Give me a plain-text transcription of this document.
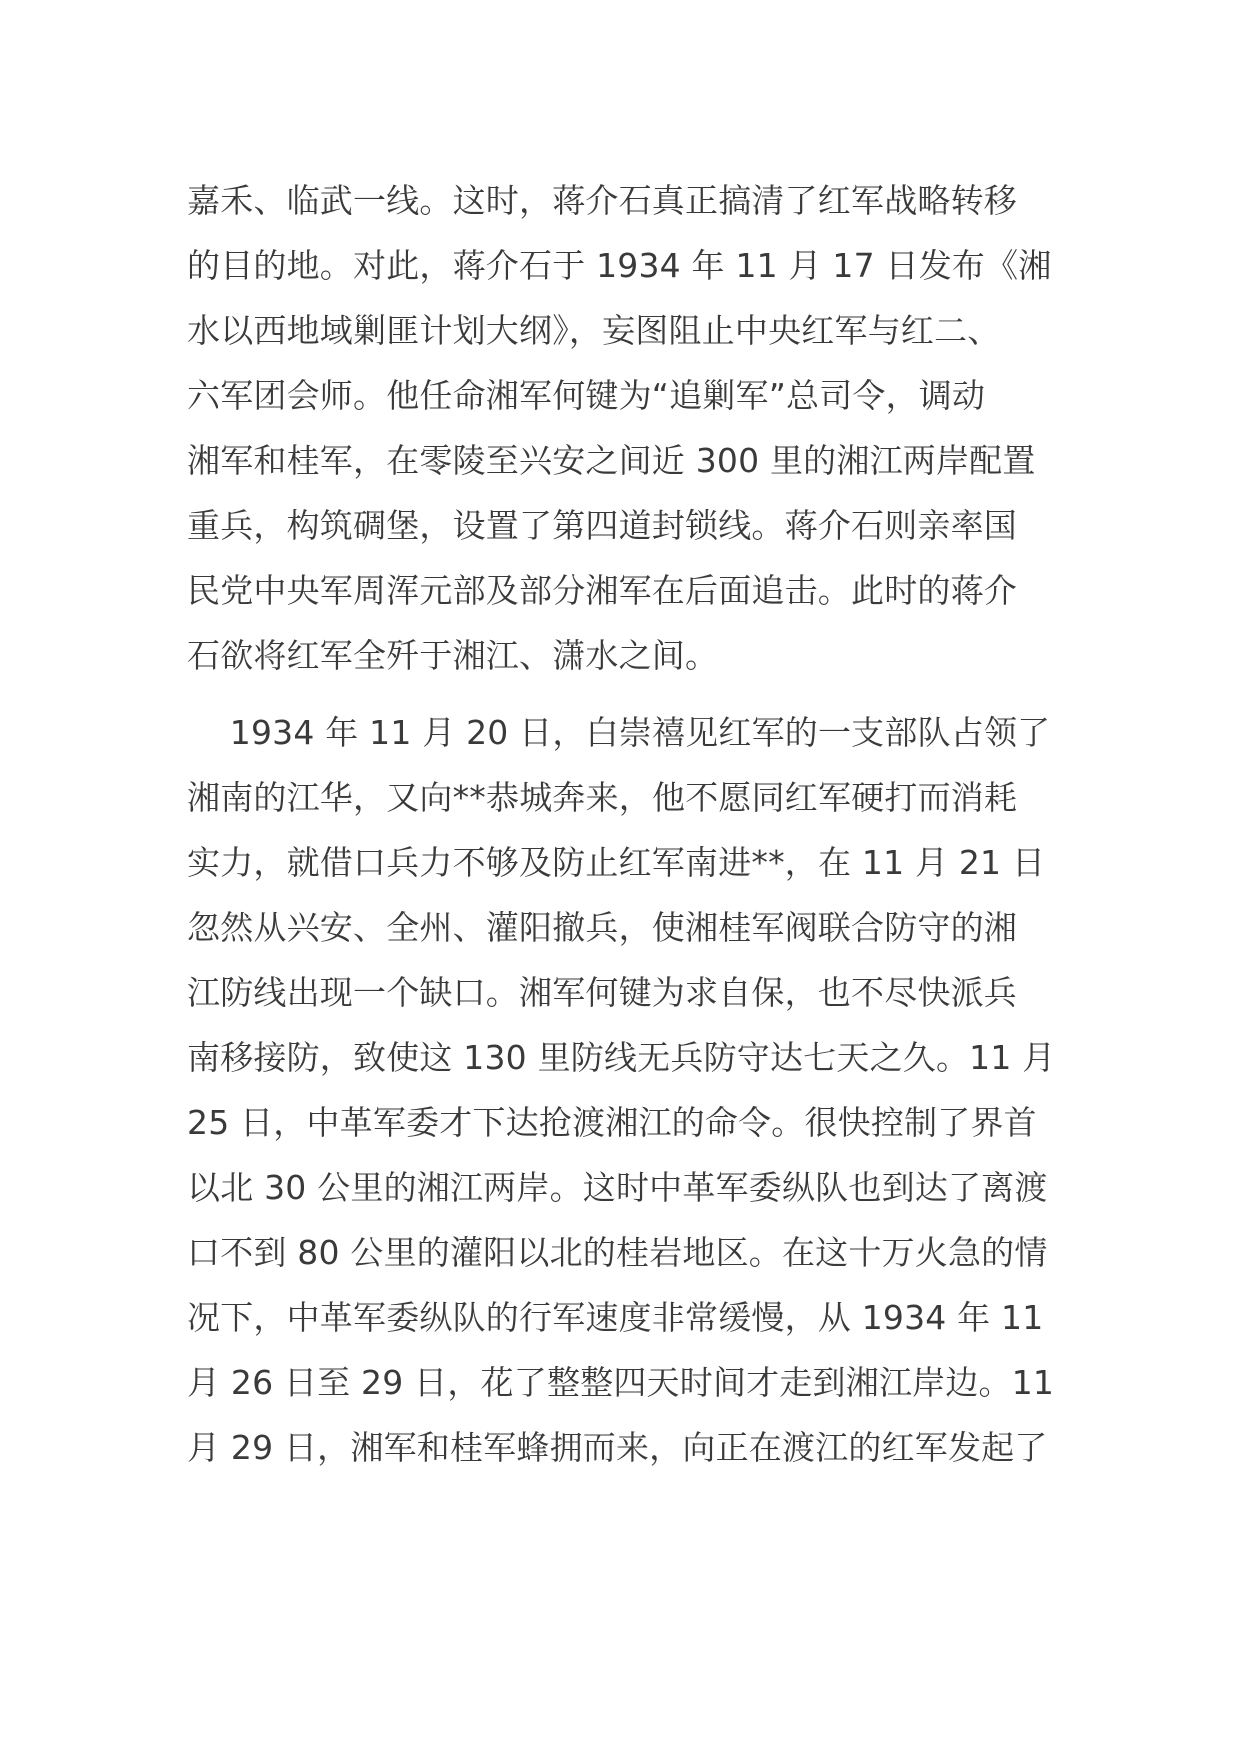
嘉禾、临武一线。这时，蒋介石真正搞清了红军战略转移
的目的地。对此，蒋介石于 1934 年 11 月 17 日发布《湘
水以西地域剿匪计划大纲》，妄图阻止中央红军与红二、
六军团会师。他任命湘军何键为“追剿军”总司令，调动
湘军和桂军，在零陵至兴安之间近 300 里的湘江两岸配置
重兵，构筑碉堡，设置了第四道封锁线。蒋介石则亲率国
民党中央军周浑元部及部分湘军在后面追击。此时的蒋介
石欲将红军全歼于湘江、潇水之间。
1934 年 11 月 20 日，白崇禧见红军的一支部队占领了
湘南的江华，又向**恭城奔来，他不愿同红军硬打而消耗
实力，就借口兵力不够及防止红军南进**，在 11 月 21 日
忽然从兴安、全州、灌阳撤兵，使湘桂军阀联合防守的湘
江防线出现一个缺口。湘军何键为求自保，也不尽快派兵
南移接防，致使这 130 里防线无兵防守达七天之久。11 月
25 日，中革军委才下达抢渡湘江的命令。很快控制了界首
以北 30 公里的湘江两岸。这时中革军委纵队也到达了离渡
口不到 80 公里的灌阳以北的桂岩地区。在这十万火急的情
况下，中革军委纵队的行军速度非常缓慢，从 1934 年 11
月 26 日至 29 日，花了整整四天时间才走到湘江岸边。11
月 29 日，湘军和桂军蜂拥而来，向正在渡江的红军发起了
